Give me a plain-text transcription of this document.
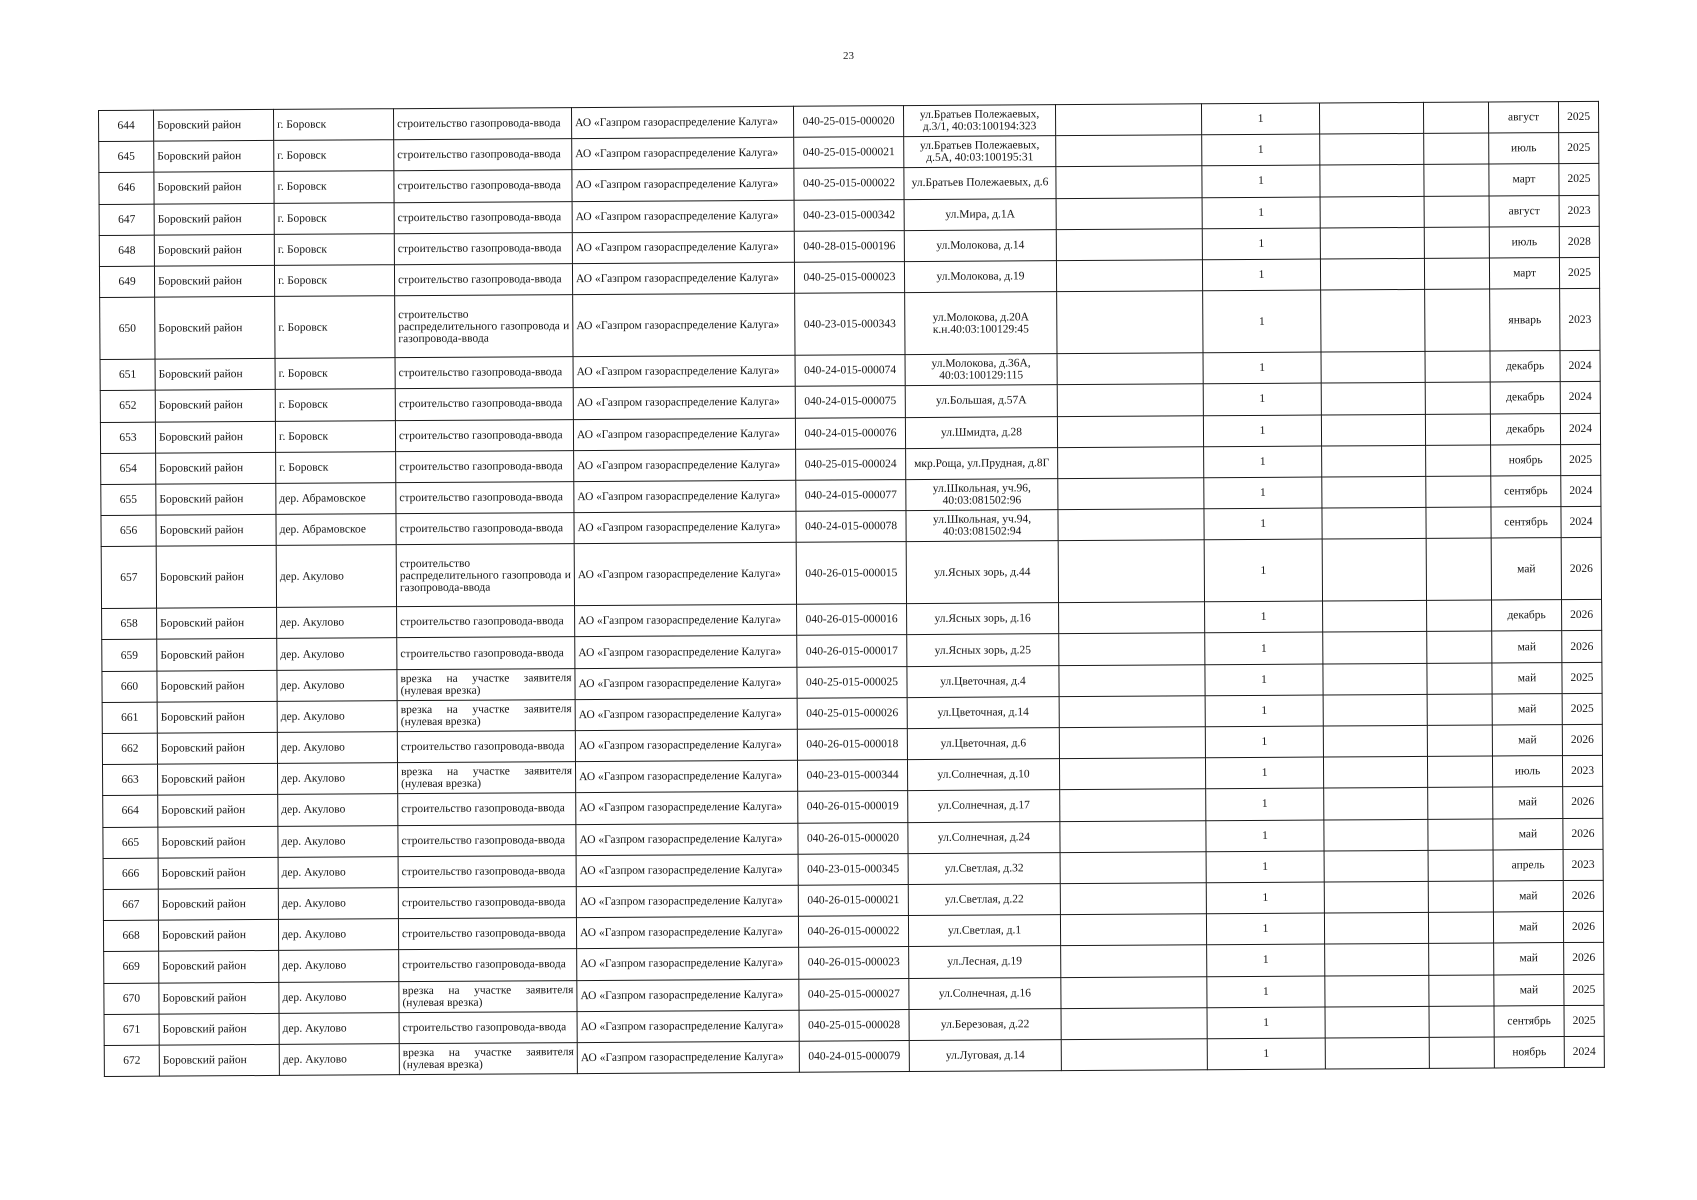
23
644	Боровский район	г. Боровск	строительство газопровода-ввода	АО «Газпром газораспределение Калуга»	040-25-015-000020	ул.Братьев Полежаевых, д.3/1, 40:03:100194:323		1			август	2025
645	Боровский район	г. Боровск	строительство газопровода-ввода	АО «Газпром газораспределение Калуга»	040-25-015-000021	ул.Братьев Полежаевых, д.5А, 40:03:100195:31		1			июль	2025
646	Боровский район	г. Боровск	строительство газопровода-ввода	АО «Газпром газораспределение Калуга»	040-25-015-000022	ул.Братьев Полежаевых, д.6		1			март	2025
647	Боровский район	г. Боровск	строительство газопровода-ввода	АО «Газпром газораспределение Калуга»	040-23-015-000342	ул.Мира, д.1А		1			август	2023
648	Боровский район	г. Боровск	строительство газопровода-ввода	АО «Газпром газораспределение Калуга»	040-28-015-000196	ул.Молокова, д.14		1			июль	2028
649	Боровский район	г. Боровск	строительство газопровода-ввода	АО «Газпром газораспределение Калуга»	040-25-015-000023	ул.Молокова, д.19		1			март	2025
650	Боровский район	г. Боровск	строительство распределительного газопровода и газопровода-ввода	АО «Газпром газораспределение Калуга»	040-23-015-000343	ул.Молокова, д.20А к.н.40:03:100129:45		1			январь	2023
651	Боровский район	г. Боровск	строительство газопровода-ввода	АО «Газпром газораспределение Калуга»	040-24-015-000074	ул.Молокова, д.36А, 40:03:100129:115		1			декабрь	2024
652	Боровский район	г. Боровск	строительство газопровода-ввода	АО «Газпром газораспределение Калуга»	040-24-015-000075	ул.Большая, д.57А		1			декабрь	2024
653	Боровский район	г. Боровск	строительство газопровода-ввода	АО «Газпром газораспределение Калуга»	040-24-015-000076	ул.Шмидта, д.28		1			декабрь	2024
654	Боровский район	г. Боровск	строительство газопровода-ввода	АО «Газпром газораспределение Калуга»	040-25-015-000024	мкр.Роща, ул.Прудная, д.8Г		1			ноябрь	2025
655	Боровский район	дер. Абрамовское	строительство газопровода-ввода	АО «Газпром газораспределение Калуга»	040-24-015-000077	ул.Школьная, уч.96, 40:03:081502:96		1			сентябрь	2024
656	Боровский район	дер. Абрамовское	строительство газопровода-ввода	АО «Газпром газораспределение Калуга»	040-24-015-000078	ул.Школьная, уч.94, 40:03:081502:94		1			сентябрь	2024
657	Боровский район	дер. Акулово	строительство распределительного газопровода и газопровода-ввода	АО «Газпром газораспределение Калуга»	040-26-015-000015	ул.Ясных зорь, д.44		1			май	2026
658	Боровский район	дер. Акулово	строительство газопровода-ввода	АО «Газпром газораспределение Калуга»	040-26-015-000016	ул.Ясных зорь, д.16		1			декабрь	2026
659	Боровский район	дер. Акулово	строительство газопровода-ввода	АО «Газпром газораспределение Калуга»	040-26-015-000017	ул.Ясных зорь, д.25		1			май	2026
660	Боровский район	дер. Акулово	врезка на участке заявителя (нулевая врезка)	АО «Газпром газораспределение Калуга»	040-25-015-000025	ул.Цветочная, д.4		1			май	2025
661	Боровский район	дер. Акулово	врезка на участке заявителя (нулевая врезка)	АО «Газпром газораспределение Калуга»	040-25-015-000026	ул.Цветочная, д.14		1			май	2025
662	Боровский район	дер. Акулово	строительство газопровода-ввода	АО «Газпром газораспределение Калуга»	040-26-015-000018	ул.Цветочная, д.6		1			май	2026
663	Боровский район	дер. Акулово	врезка на участке заявителя (нулевая врезка)	АО «Газпром газораспределение Калуга»	040-23-015-000344	ул.Солнечная, д.10		1			июль	2023
664	Боровский район	дер. Акулово	строительство газопровода-ввода	АО «Газпром газораспределение Калуга»	040-26-015-000019	ул.Солнечная, д.17		1			май	2026
665	Боровский район	дер. Акулово	строительство газопровода-ввода	АО «Газпром газораспределение Калуга»	040-26-015-000020	ул.Солнечная, д.24		1			май	2026
666	Боровский район	дер. Акулово	строительство газопровода-ввода	АО «Газпром газораспределение Калуга»	040-23-015-000345	ул.Светлая, д.32		1			апрель	2023
667	Боровский район	дер. Акулово	строительство газопровода-ввода	АО «Газпром газораспределение Калуга»	040-26-015-000021	ул.Светлая, д.22		1			май	2026
668	Боровский район	дер. Акулово	строительство газопровода-ввода	АО «Газпром газораспределение Калуга»	040-26-015-000022	ул.Светлая, д.1		1			май	2026
669	Боровский район	дер. Акулово	строительство газопровода-ввода	АО «Газпром газораспределение Калуга»	040-26-015-000023	ул.Лесная, д.19		1			май	2026
670	Боровский район	дер. Акулово	врезка на участке заявителя (нулевая врезка)	АО «Газпром газораспределение Калуга»	040-25-015-000027	ул.Солнечная, д.16		1			май	2025
671	Боровский район	дер. Акулово	строительство газопровода-ввода	АО «Газпром газораспределение Калуга»	040-25-015-000028	ул.Березовая, д.22		1			сентябрь	2025
672	Боровский район	дер. Акулово	врезка на участке заявителя (нулевая врезка)	АО «Газпром газораспределение Калуга»	040-24-015-000079	ул.Луговая, д.14		1			ноябрь	2024
